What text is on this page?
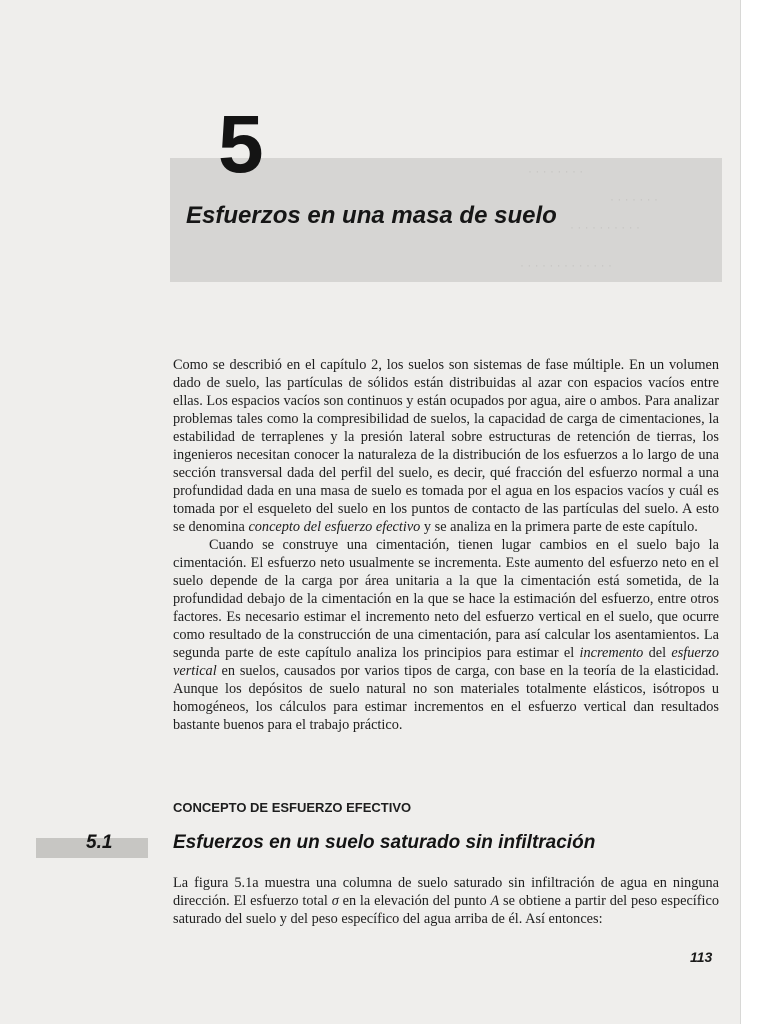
· · · · · · · ·
· · · · · · ·
· · · · · · · · · ·
· · · · · · · · · · · · ·
5
Esfuerzos en una masa de suelo

Como se describió en el capítulo 2, los suelos son sistemas de fase múltiple. En un volumen dado de suelo, las partículas de sólidos están distribuidas al azar con espacios vacíos entre ellas. Los espacios vacíos son continuos y están ocupados por agua, aire o ambos. Para analizar problemas tales como la compresibilidad de suelos, la capacidad de carga de cimentaciones, la estabilidad de terraplenes y la presión lateral sobre estructuras de retención de tierras, los ingenieros necesitan conocer la naturaleza de la distribución de los esfuerzos a lo largo de una sección transversal dada del perfil del suelo, es decir, qué fracción del esfuerzo normal a una profundidad dada en una masa de suelo es tomada por el agua en los espacios vacíos y cuál es tomada por el esqueleto del suelo en los puntos de contacto de las partículas del suelo. A esto se denomina concepto del esfuerzo efectivo y se analiza en la primera parte de este capítulo.

Cuando se construye una cimentación, tienen lugar cambios en el suelo bajo la cimentación. El esfuerzo neto usualmente se incrementa. Este aumento del esfuerzo neto en el suelo depende de la carga por área unitaria a la que la cimentación está sometida, de la profundidad debajo de la cimentación en la que se hace la estimación del esfuerzo, entre otros factores. Es necesario estimar el incremento neto del esfuerzo vertical en el suelo, que ocurre como resultado de la construcción de una cimentación, para así calcular los asentamientos. La segunda parte de este capítulo analiza los principios para estimar el incremento del esfuerzo vertical en suelos, causados por varios tipos de carga, con base en la teoría de la elasticidad. Aunque los depósitos de suelo natural no son materiales totalmente elásticos, isótropos u homogéneos, los cálculos para estimar incrementos en el esfuerzo vertical dan resultados bastante buenos para el trabajo práctico.

CONCEPTO DE ESFUERZO EFECTIVO
5.1	Esfuerzos en un suelo saturado sin infiltración

La figura 5.1a muestra una columna de suelo saturado sin infiltración de agua en ninguna dirección. El esfuerzo total σ en la elevación del punto A se obtiene a partir del peso específico saturado del suelo y del peso específico del agua arriba de él. Así entonces:

113
